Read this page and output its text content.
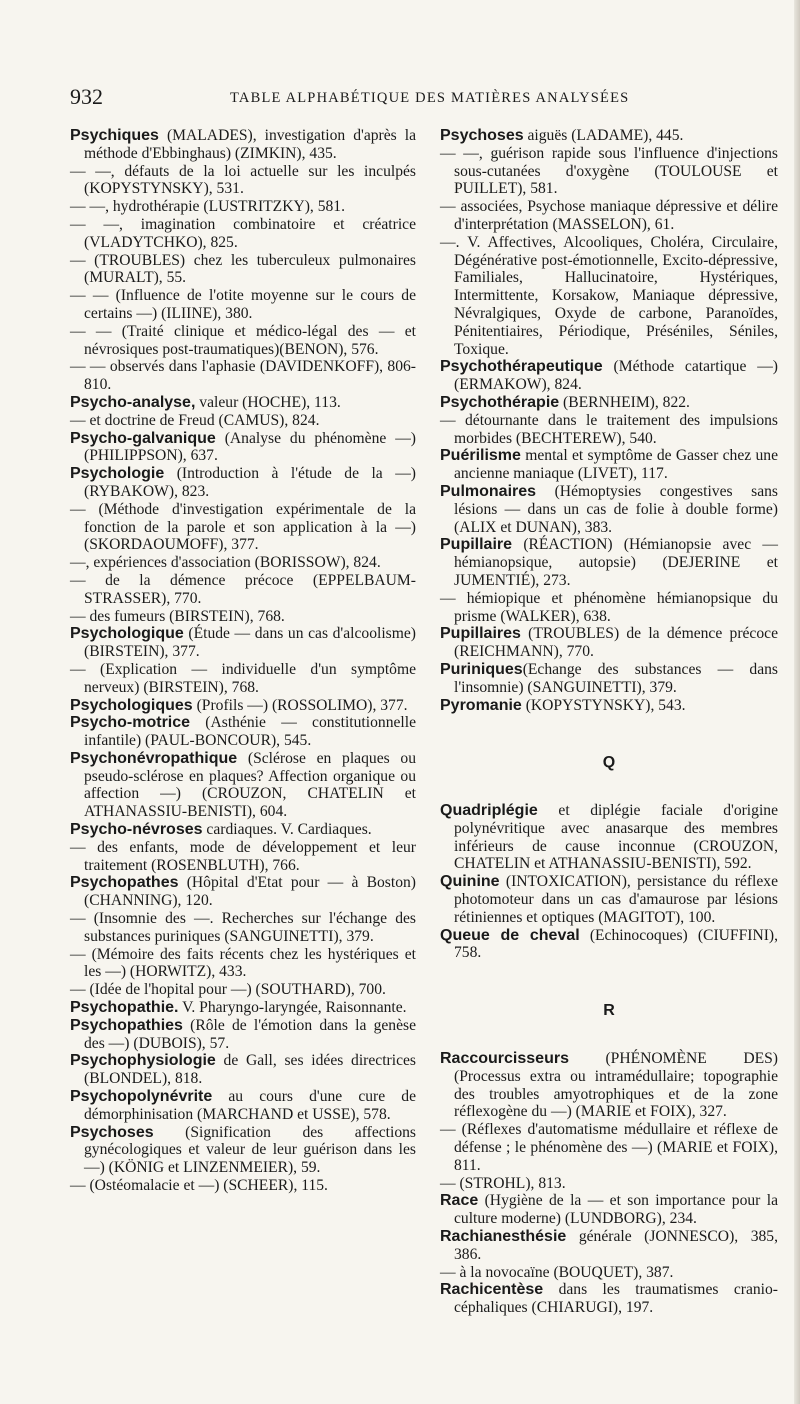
932	TABLE ALPHABÉTIQUE DES MATIÈRES ANALYSÉES

Psychiques (MALADES), investigation d'après la méthode d'Ebbinghaus) (ZIMKIN), 435.

— —, défauts de la loi actuelle sur les inculpés (KOPYSTYNSKY), 531.

— —, hydrothérapie (LUSTRITZKY), 581.

— —, imagination combinatoire et créatrice (VLADYTCHKO), 825.

— (TROUBLES) chez les tuberculeux pulmonaires (MURALT), 55.

— — (Influence de l'otite moyenne sur le cours de certains —) (ILIINE), 380.

— — (Traité clinique et médico-légal des — et névrosiques post-traumatiques)(BENON), 576.

— — observés dans l'aphasie (DAVIDENKOFF), 806-810.

Psycho-analyse, valeur (HOCHE), 113.

— et doctrine de Freud (CAMUS), 824.

Psycho-galvanique (Analyse du phénomène —) (PHILIPPSON), 637.

Psychologie (Introduction à l'étude de la —) (RYBAKOW), 823.

— (Méthode d'investigation expérimentale de la fonction de la parole et son application à la —) (SKORDAOUMOFF), 377.

—, expériences d'association (BORISSOW), 824.

— de la démence précoce (EPPELBAUM-STRASSER), 770.

— des fumeurs (BIRSTEIN), 768.

Psychologique (Étude — dans un cas d'alcoolisme) (BIRSTEIN), 377.

— (Explication — individuelle d'un symptôme nerveux) (BIRSTEIN), 768.

Psychologiques (Profils —) (ROSSOLIMO), 377.

Psycho-motrice (Asthénie — constitutionnelle infantile) (PAUL-BONCOUR), 545.

Psychonévropathique (Sclérose en plaques ou pseudo-sclérose en plaques? Affection organique ou affection —) (CROUZON, CHATELIN et ATHANASSIU-BENISTI), 604.

Psycho-névroses cardiaques. V. Cardiaques.

— des enfants, mode de développement et leur traitement (ROSENBLUTH), 766.

Psychopathes (Hôpital d'Etat pour — à Boston) (CHANNING), 120.

— (Insomnie des —. Recherches sur l'échange des substances puriniques (SANGUINETTI), 379.

— (Mémoire des faits récents chez les hystériques et les —) (HORWITZ), 433.

— (Idée de l'hopital pour —) (SOUTHARD), 700.

Psychopathie. V. Pharyngo-laryngée, Raisonnante.

Psychopathies (Rôle de l'émotion dans la genèse des —) (DUBOIS), 57.

Psychophysiologie de Gall, ses idées directrices (BLONDEL), 818.

Psychopolynévrite au cours d'une cure de démorphinisation (MARCHAND et USSE), 578.

Psychoses (Signification des affections gynécologiques et valeur de leur guérison dans les —) (KÖNIG et LINZENMEIER), 59.

— (Ostéomalacie et —) (SCHEER), 115.

Psychoses aiguës (LADAME), 445.

— —, guérison rapide sous l'influence d'injections sous-cutanées d'oxygène (TOULOUSE et PUILLET), 581.

— associées, Psychose maniaque dépressive et délire d'interprétation (MASSELON), 61.

—. V. Affectives, Alcooliques, Choléra, Circulaire, Dégénérative post-émotionnelle, Excito-dépressive, Familiales, Hallucinatoire, Hystériques, Intermittente, Korsakow, Maniaque dépressive, Névralgiques, Oxyde de carbone, Paranoïdes, Pénitentiaires, Périodique, Préséniles, Séniles, Toxique.

Psychothérapeutique (Méthode catartique —) (ERMAKOW), 824.

Psychothérapie (BERNHEIM), 822.

— détournante dans le traitement des impulsions morbides (BECHTEREW), 540.

Puérilisme mental et symptôme de Gasser chez une ancienne maniaque (LIVET), 117.

Pulmonaires (Hémoptysies congestives sans lésions — dans un cas de folie à double forme) (ALIX et DUNAN), 383.

Pupillaire (RÉACTION) (Hémianopsie avec — hémianopsique, autopsie) (DEJERINE et JUMENTIÉ), 273.

— hémiopique et phénomène hémianopsique du prisme (WALKER), 638.

Pupillaires (TROUBLES) de la démence précoce (REICHMANN), 770.

Puriniques(Echange des substances — dans l'insomnie) (SANGUINETTI), 379.

Pyromanie (KOPYSTYNSKY), 543.

Q

Quadriplégie et diplégie faciale d'origine polynévritique avec anasarque des membres inférieurs de cause inconnue (CROUZON, CHATELIN et ATHANASSIU-BENISTI), 592.

Quinine (INTOXICATION), persistance du réflexe photomoteur dans un cas d'amaurose par lésions rétiniennes et optiques (MAGITOT), 100.

Queue de cheval (Echinocoques) (CIUFFINI), 758.

R

Raccourcisseurs (PHÉNOMÈNE DES) (Processus extra ou intramédullaire; topographie des troubles amyotrophiques et de la zone réflexogène du —) (MARIE et FOIX), 327.

— (Réflexes d'automatisme médullaire et réflexe de défense ; le phénomène des —) (MARIE et FOIX), 811.

— (STROHL), 813.

Race (Hygiène de la — et son importance pour la culture moderne) (LUNDBORG), 234.

Rachianesthésie générale (JONNESCO), 385, 386.

— à la novocaïne (BOUQUET), 387.

Rachicentèse dans les traumatismes cranio-céphaliques (CHIARUGI), 197.
